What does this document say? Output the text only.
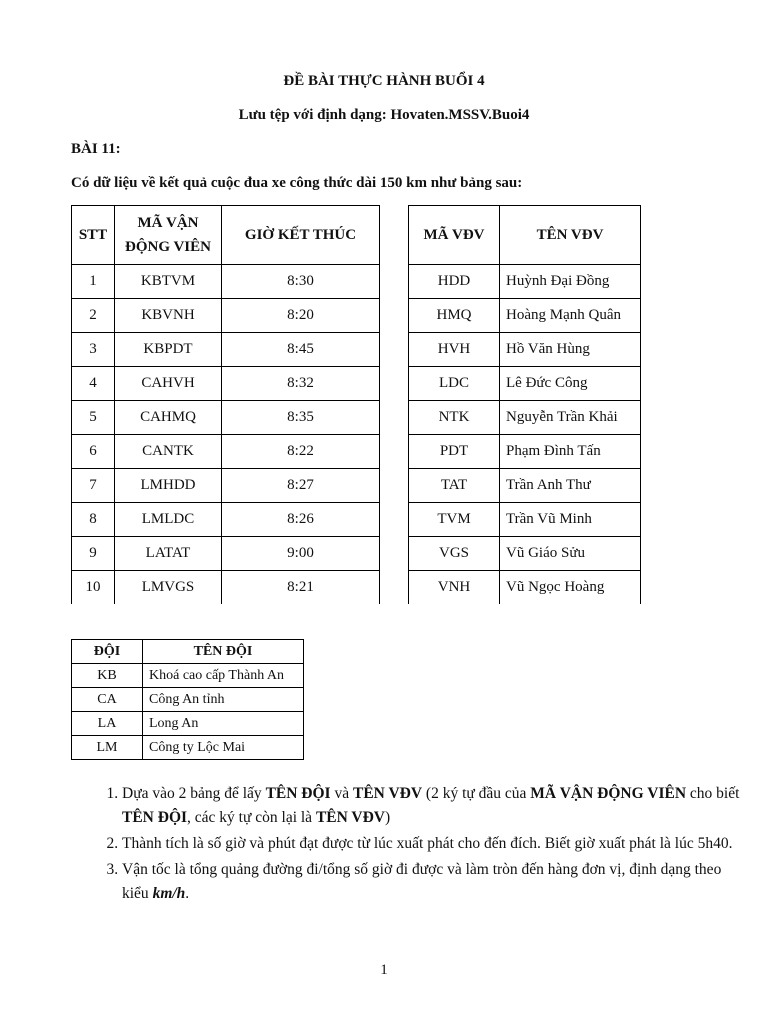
ĐỀ BÀI THỰC HÀNH BUỔI 4
Lưu tệp với định dạng: Hovaten.MSSV.Buoi4
BÀI 11:
Có dữ liệu về kết quả cuộc đua xe công thức dài 150 km như bảng sau:
STT	MÃ VẬN ĐỘNG VIÊN	GIỜ KẾT THÚC
1	KBTVM	8:30
2	KBVNH	8:20
3	KBPDT	8:45
4	CAHVH	8:32
5	CAHMQ	8:35
6	CANTK	8:22
7	LMHDD	8:27
8	LMLDC	8:26
9	LATAT	9:00
10	LMVGS	8:21
MÃ VĐV	TÊN VĐV
HDD	Huỳnh Đại Đồng
HMQ	Hoàng Mạnh Quân
HVH	Hồ Văn Hùng
LDC	Lê Đức Công
NTK	Nguyễn Trần Khải
PDT	Phạm Đình Tấn
TAT	Trần Anh Thư
TVM	Trần Vũ Minh
VGS	Vũ Giáo Sửu
VNH	Vũ Ngọc Hoàng
ĐỘI	TÊN ĐỘI
KB	Khoá cao cấp Thành An
CA	Công An tỉnh
LA	Long An
LM	Công ty Lộc Mai
1. Dựa vào 2 bảng để lấy TÊN ĐỘI và TÊN VĐV (2 ký tự đầu của MÃ VẬN ĐỘNG VIÊN cho biết TÊN ĐỘI, các ký tự còn lại là TÊN VĐV)
2. Thành tích là số giờ và phút đạt được từ lúc xuất phát cho đến đích. Biết giờ xuất phát là lúc 5h40.
3. Vận tốc là tổng quảng đường đi/tổng số giờ đi được và làm tròn đến hàng đơn vị, định dạng theo kiểu km/h.
1
